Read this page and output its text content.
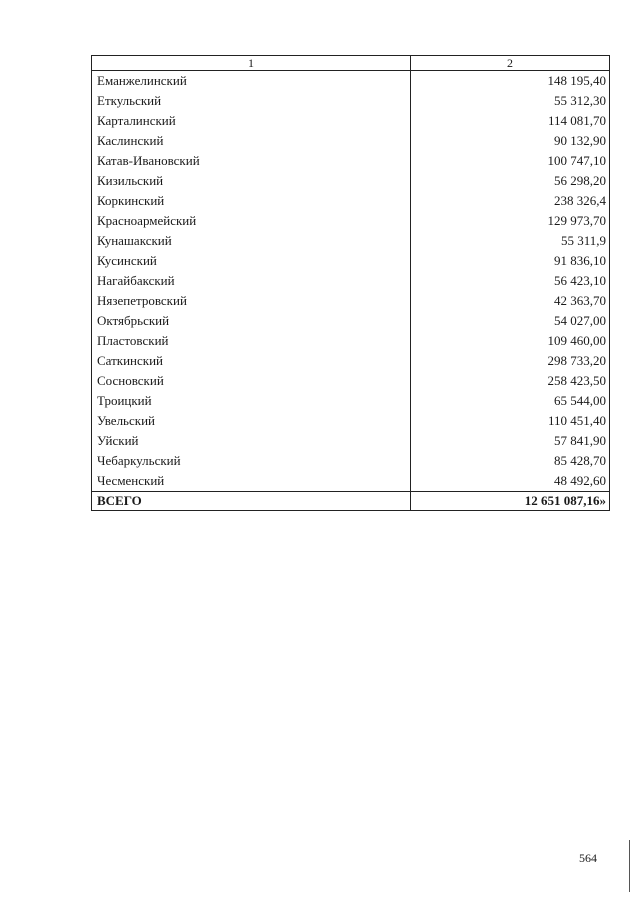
1	2
Еманжелинский	148 195,40
Еткульский	55 312,30
Карталинский	114 081,70
Каслинский	90 132,90
Катав-Ивановский	100 747,10
Кизильский	56 298,20
Коркинский	238 326,4
Красноармейский	129 973,70
Кунашакский	55 311,9
Кусинский	91 836,10
Нагайбакский	56 423,10
Нязепетровский	42 363,70
Октябрьский	54 027,00
Пластовский	109 460,00
Саткинский	298 733,20
Сосновский	258 423,50
Троицкий	65 544,00
Увельский	110 451,40
Уйский	57 841,90
Чебаркульский	85 428,70
Чесменский	48 492,60
ВСЕГО	12 651 087,16»
564
